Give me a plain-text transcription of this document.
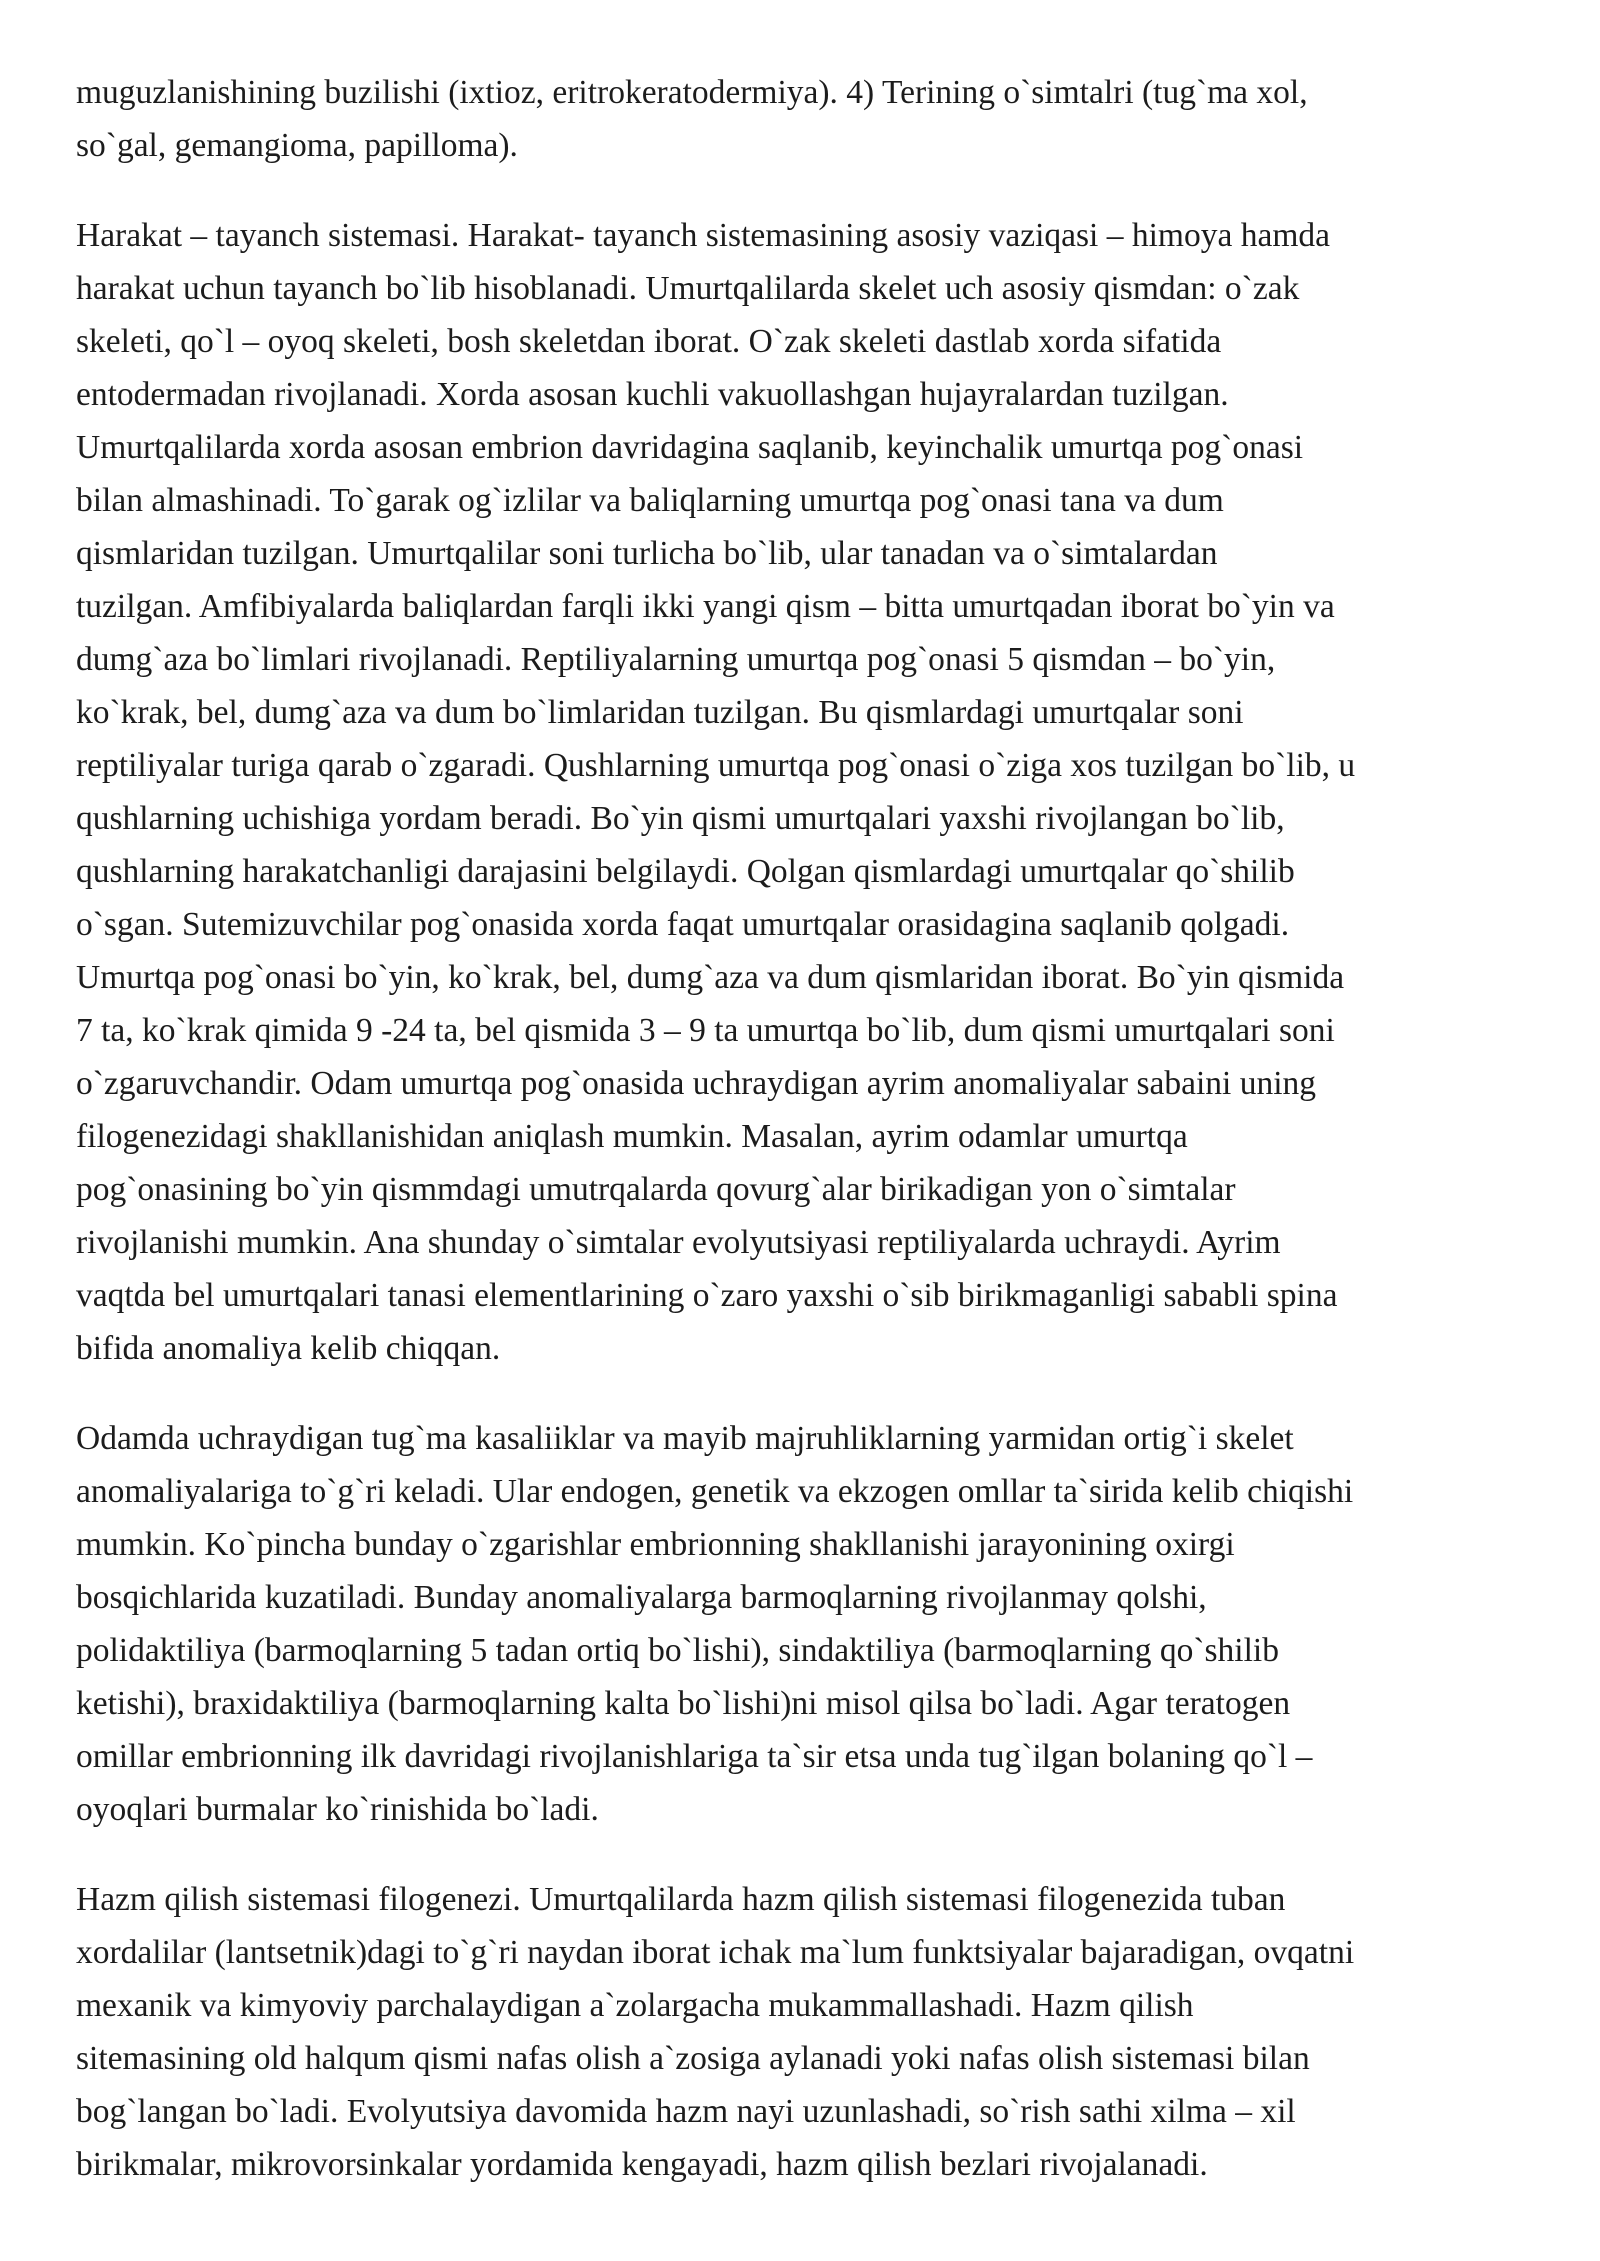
muguzlanishining buzilishi (ixtioz, eritrokeratodermiya). 4) Terining o`simtalri (tug`ma xol,
so`gal, gemangioma, papilloma).

Harakat – tayanch sistemasi. Harakat- tayanch sistemasining asosiy vaziqasi – himoya hamda
harakat uchun tayanch bo`lib hisoblanadi. Umurtqalilarda skelet uch asosiy qismdan: o`zak
skeleti, qo`l – oyoq skeleti, bosh skeletdan iborat. O`zak skeleti dastlab xorda sifatida
entodermadan rivojlanadi. Xorda asosan kuchli vakuollashgan hujayralardan tuzilgan.
Umurtqalilarda xorda asosan embrion davridagina saqlanib, keyinchalik umurtqa pog`onasi
bilan almashinadi. To`garak og`izlilar va baliqlarning umurtqa pog`onasi tana va dum
qismlaridan tuzilgan. Umurtqalilar soni turlicha bo`lib, ular tanadan va o`simtalardan
tuzilgan. Amfibiyalarda baliqlardan farqli ikki yangi qism – bitta umurtqadan iborat bo`yin va
dumg`aza bo`limlari rivojlanadi. Reptiliyalarning umurtqa pog`onasi 5 qismdan – bo`yin,
ko`krak, bel, dumg`aza va dum bo`limlaridan tuzilgan. Bu qismlardagi umurtqalar soni
reptiliyalar turiga qarab o`zgaradi. Qushlarning umurtqa pog`onasi o`ziga xos tuzilgan bo`lib, u
qushlarning uchishiga yordam beradi. Bo`yin qismi umurtqalari yaxshi rivojlangan bo`lib,
qushlarning harakatchanligi darajasini belgilaydi. Qolgan qismlardagi umurtqalar qo`shilib
o`sgan. Sutemizuvchilar pog`onasida xorda faqat umurtqalar orasidagina saqlanib qolgadi.
Umurtqa pog`onasi bo`yin, ko`krak, bel, dumg`aza va dum qismlaridan iborat. Bo`yin qismida
7 ta, ko`krak qimida 9 -24 ta, bel qismida 3 – 9 ta umurtqa bo`lib, dum qismi umurtqalari soni
o`zgaruvchandir. Odam umurtqa pog`onasida uchraydigan ayrim anomaliyalar sabaini uning
filogenezidagi shakllanishidan aniqlash mumkin. Masalan, ayrim odamlar umurtqa
pog`onasining bo`yin qismmdagi umutrqalarda qovurg`alar birikadigan yon o`simtalar
rivojlanishi mumkin. Ana shunday o`simtalar evolyutsiyasi reptiliyalarda uchraydi. Ayrim
vaqtda bel umurtqalari tanasi elementlarining o`zaro yaxshi o`sib birikmaganligi sababli spina
bifida anomaliya kelib chiqqan.

Odamda uchraydigan tug`ma kasaliiklar va mayib majruhliklarning yarmidan ortig`i skelet
anomaliyalariga to`g`ri keladi. Ular endogen, genetik va ekzogen omllar ta`sirida kelib chiqishi
mumkin. Ko`pincha bunday o`zgarishlar embrionning shakllanishi jarayonining oxirgi
bosqichlarida kuzatiladi. Bunday anomaliyalarga barmoqlarning rivojlanmay qolshi,
polidaktiliya (barmoqlarning 5 tadan ortiq bo`lishi), sindaktiliya (barmoqlarning qo`shilib
ketishi), braxidaktiliya (barmoqlarning kalta bo`lishi)ni misol qilsa bo`ladi. Agar teratogen
omillar embrionning ilk davridagi rivojlanishlariga ta`sir etsa unda tug`ilgan bolaning qo`l –
oyoqlari burmalar ko`rinishida bo`ladi.

Hazm qilish sistemasi filogenezi. Umurtqalilarda hazm qilish sistemasi filogenezida tuban
xordalilar (lantsetnik)dagi to`g`ri naydan iborat ichak ma`lum funktsiyalar bajaradigan, ovqatni
mexanik va kimyoviy parchalaydigan a`zolargacha mukammallashadi. Hazm qilish
sitemasining old halqum qismi nafas olish a`zosiga aylanadi yoki nafas olish sistemasi bilan
bog`langan bo`ladi. Evolyutsiya davomida hazm nayi uzunlashadi, so`rish sathi xilma – xil
birikmalar, mikrovorsinkalar yordamida kengayadi, hazm qilish bezlari rivojalanadi.
